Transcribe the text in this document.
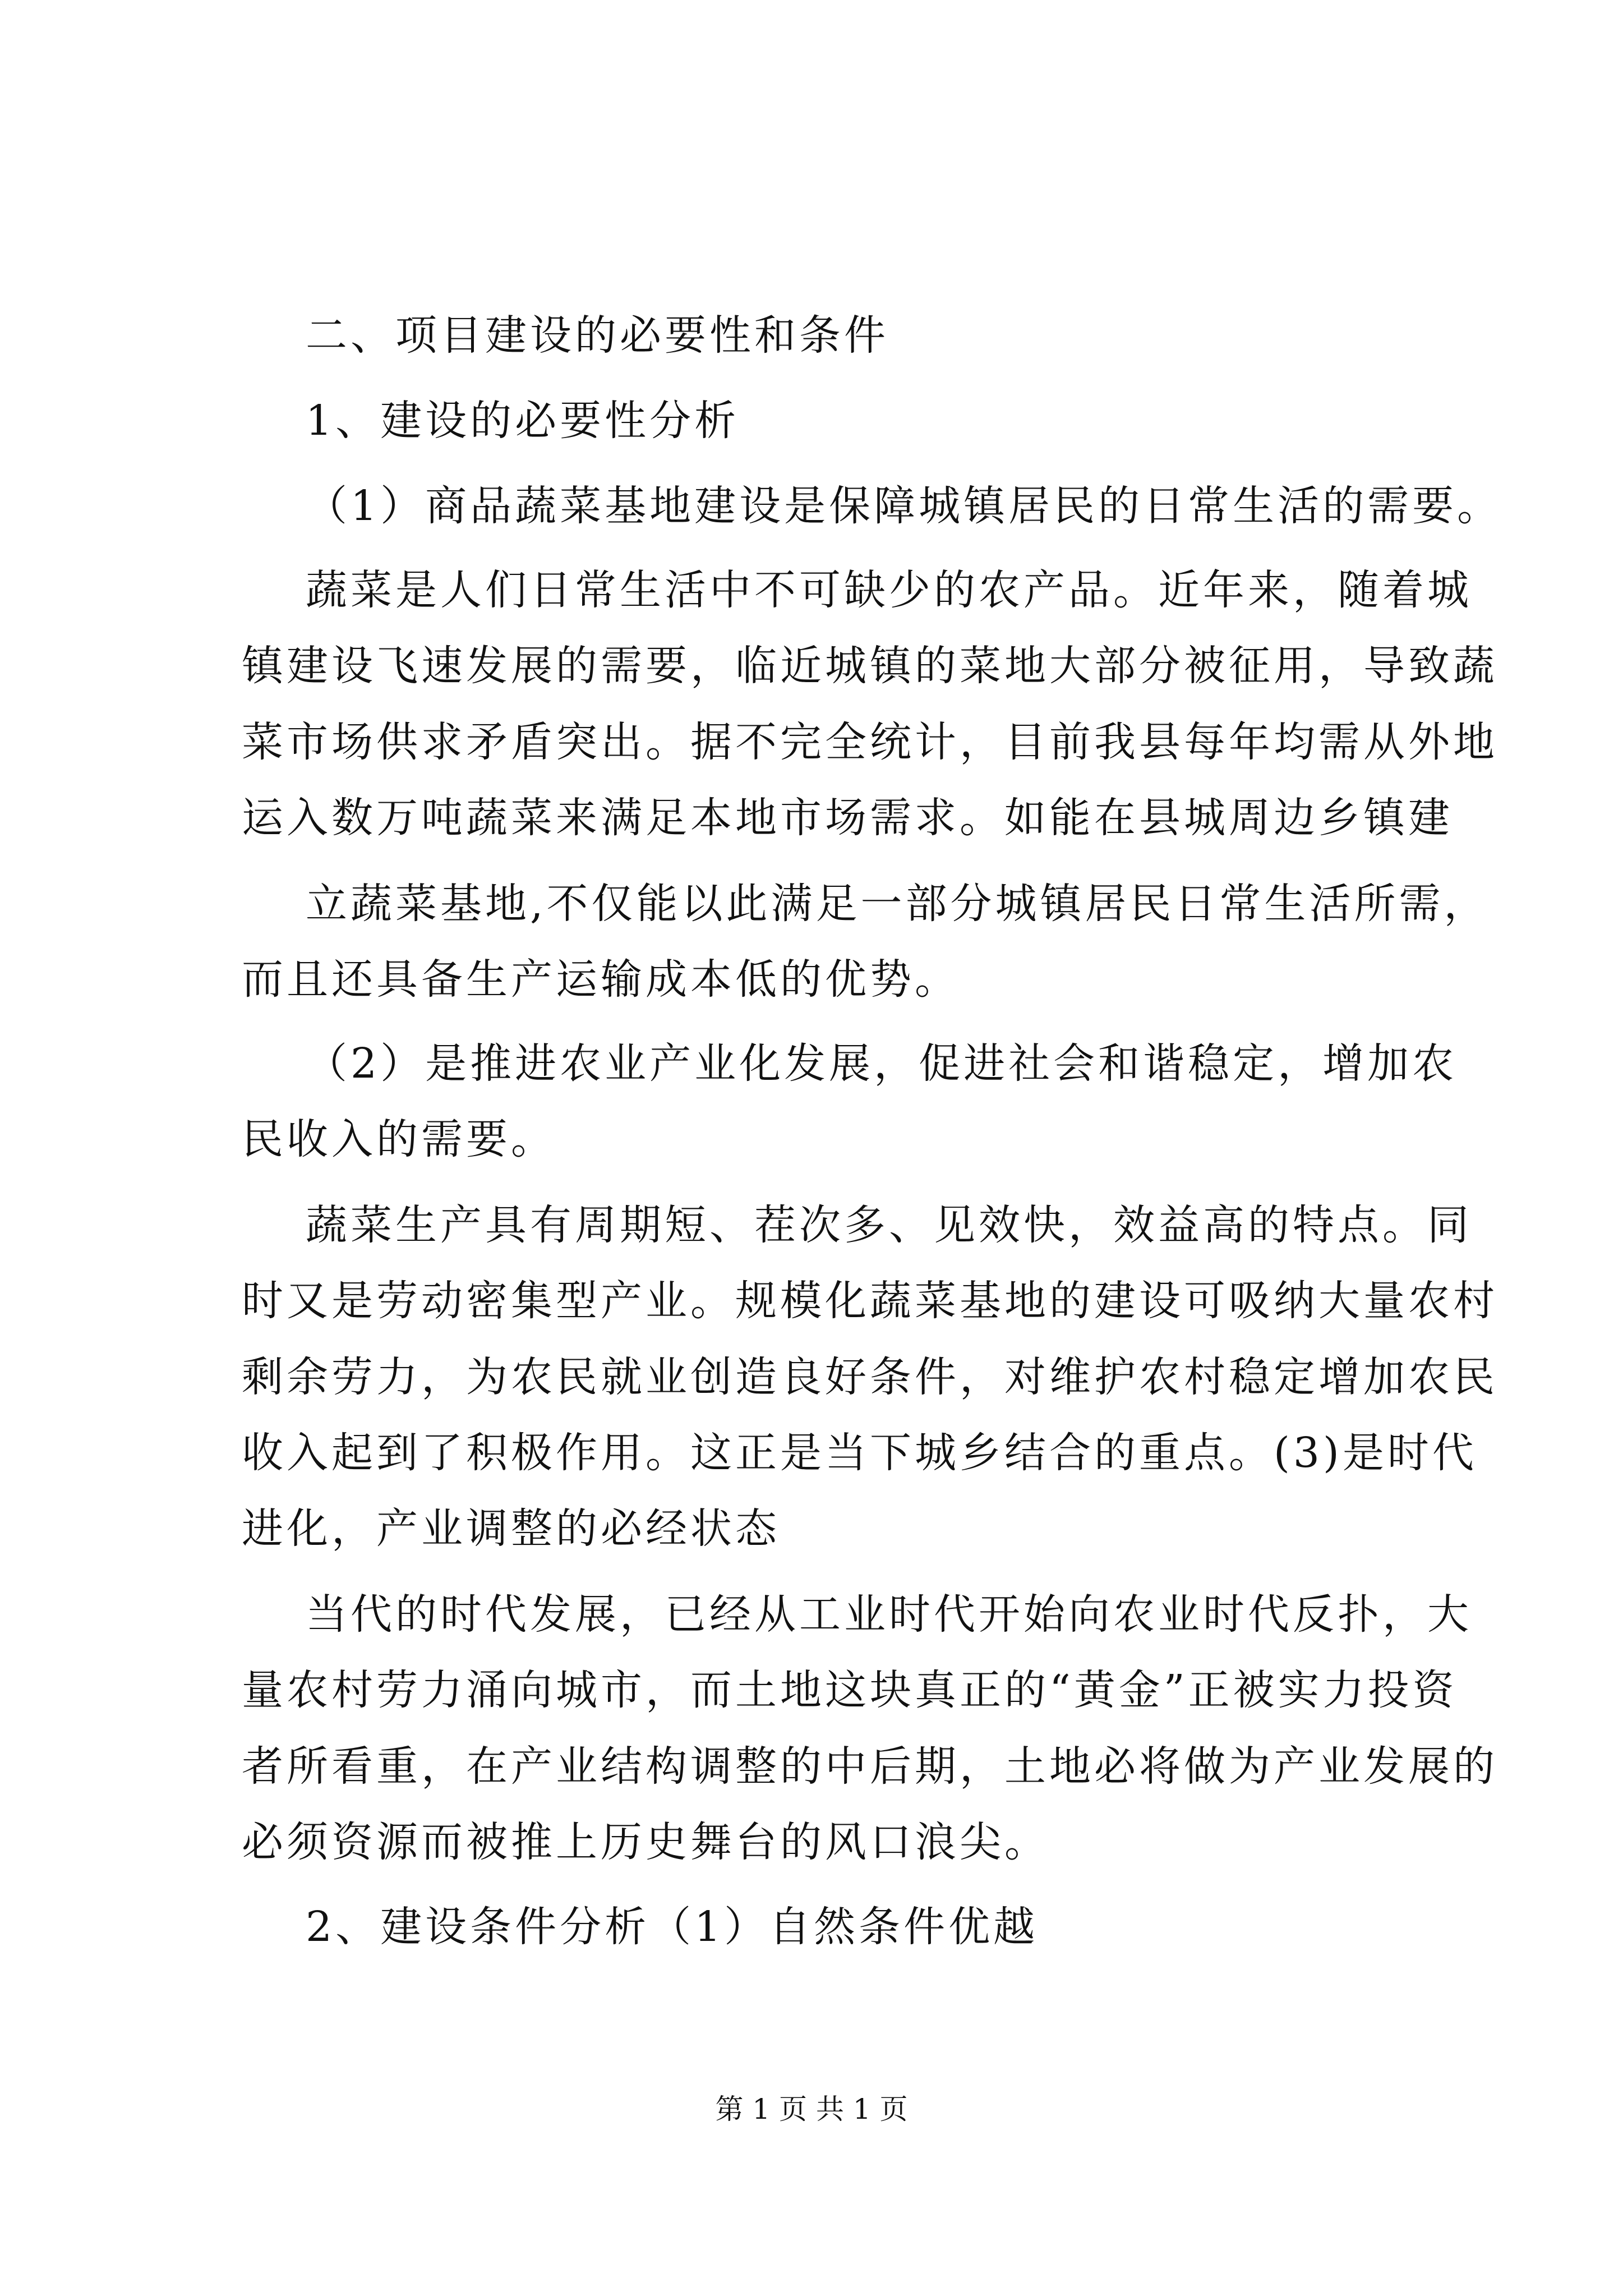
二、项目建设的必要性和条件
1、建设的必要性分析
（1）商品蔬菜基地建设是保障城镇居民的日常生活的需要。
蔬菜是人们日常生活中不可缺少的农产品。近年来，随着城
镇建设飞速发展的需要，临近城镇的菜地大部分被征用，导致蔬
菜市场供求矛盾突出。据不完全统计，目前我县每年均需从外地
运入数万吨蔬菜来满足本地市场需求。如能在县城周边乡镇建
立蔬菜基地,不仅能以此满足一部分城镇居民日常生活所需，
而且还具备生产运输成本低的优势。
（2）是推进农业产业化发展，促进社会和谐稳定，增加农
民收入的需要。
蔬菜生产具有周期短、茬次多、见效快，效益高的特点。同
时又是劳动密集型产业。规模化蔬菜基地的建设可吸纳大量农村
剩余劳力，为农民就业创造良好条件，对维护农村稳定增加农民
收入起到了积极作用。这正是当下城乡结合的重点。(3)是时代
进化，产业调整的必经状态
当代的时代发展，已经从工业时代开始向农业时代反扑，大
量农村劳力涌向城市，而土地这块真正的“黄金”正被实力投资
者所看重，在产业结构调整的中后期，土地必将做为产业发展的
必须资源而被推上历史舞台的风口浪尖。
2、建设条件分析（1）自然条件优越
第 1 页 共 1 页
